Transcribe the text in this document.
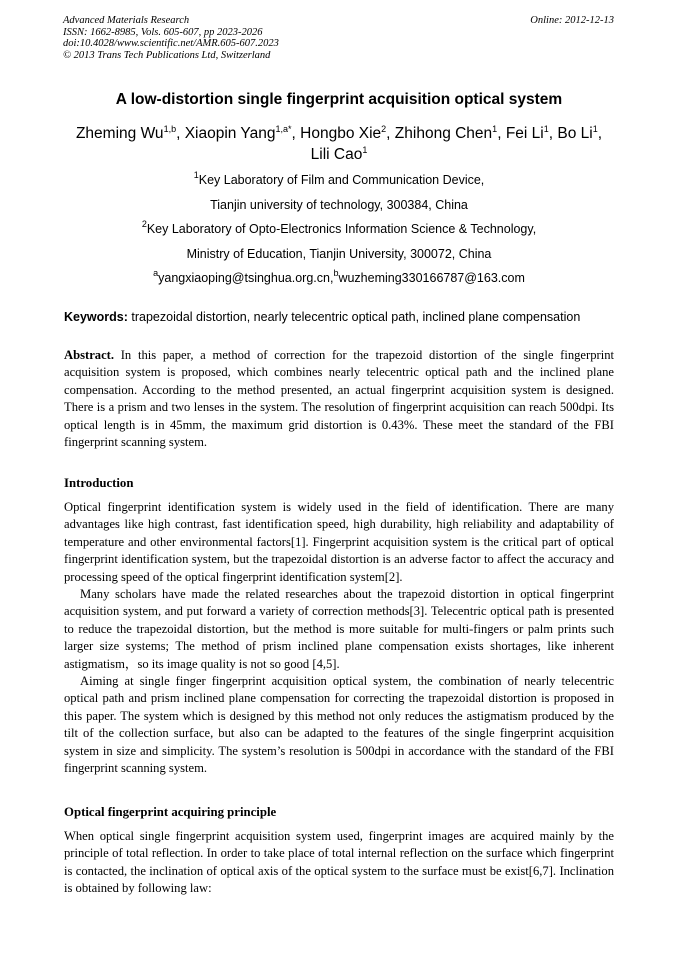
Advanced Materials Research
ISSN: 1662-8985, Vols. 605-607, pp 2023-2026
doi:10.4028/www.scientific.net/AMR.605-607.2023
© 2013 Trans Tech Publications Ltd, Switzerland
Online: 2012-12-13
A low-distortion single fingerprint acquisition optical system
Zheming Wu$^{1,b}$, Xiaopin Yang$^{1,a*}$, Hongbo Xie$^2$, Zhihong Chen$^1$, Fei Li$^1$, Bo Li$^1$,
Lili Cao$^1$
$^1$Key Laboratory of Film and Communication Device,
Tianjin university of technology, 300384, China
$^2$Key Laboratory of Opto-Electronics Information Science & Technology,
Ministry of Education, Tianjin University, 300072, China
$^a$yangxiaoping@tsinghua.org.cn,$^b$wuzheming330166787@163.com
Keywords: trapezoidal distortion, nearly telecentric optical path, inclined plane compensation

Abstract. In this paper, a method of correction for the trapezoid distortion of the single fingerprint acquisition system is proposed, which combines nearly telecentric optical path and the inclined plane compensation. According to the method presented, an actual fingerprint acquisition system is designed. There is a prism and two lenses in the system. The resolution of fingerprint acquisition can reach 500dpi. Its optical length is in 45mm, the maximum grid distortion is 0.43%. These meet the standard of the FBI fingerprint scanning system.

Introduction

Optical fingerprint identification system is widely used in the field of identification. There are many advantages like high contrast, fast identification speed, high durability, high reliability and adaptability of temperature and other environmental factors[1]. Fingerprint acquisition system is the critical part of optical fingerprint identification system, but the trapezoidal distortion is an adverse factor to affect the accuracy and processing speed of the optical fingerprint identification system[2].

Many scholars have made the related researches about the trapezoid distortion in optical fingerprint acquisition system, and put forward a variety of correction methods[3]. Telecentric optical path is presented to reduce the trapezoidal distortion, but the method is more suitable for multi-fingers or palm prints such larger size systems; The method of prism inclined plane compensation exists shortages, like inherent astigmatism，so its image quality is not so good [4,5].

Aiming at single finger fingerprint acquisition optical system, the combination of nearly telecentric optical path and prism inclined plane compensation for correcting the trapezoidal distortion is proposed in this paper. The system which is designed by this method not only reduces the astigmatism produced by the tilt of the collection surface, but also can be adapted to the features of the single fingerprint acquisition system in size and simplicity. The system’s resolution is 500dpi in accordance with the standard of the FBI fingerprint scanning system.

Optical fingerprint acquiring principle

When optical single fingerprint acquisition system used, fingerprint images are acquired mainly by the principle of total reflection. In order to take place of total internal reflection on the surface which fingerprint is contacted, the inclination of optical axis of the optical system to the surface must be exist[6,7]. Inclination is obtained by following law:
